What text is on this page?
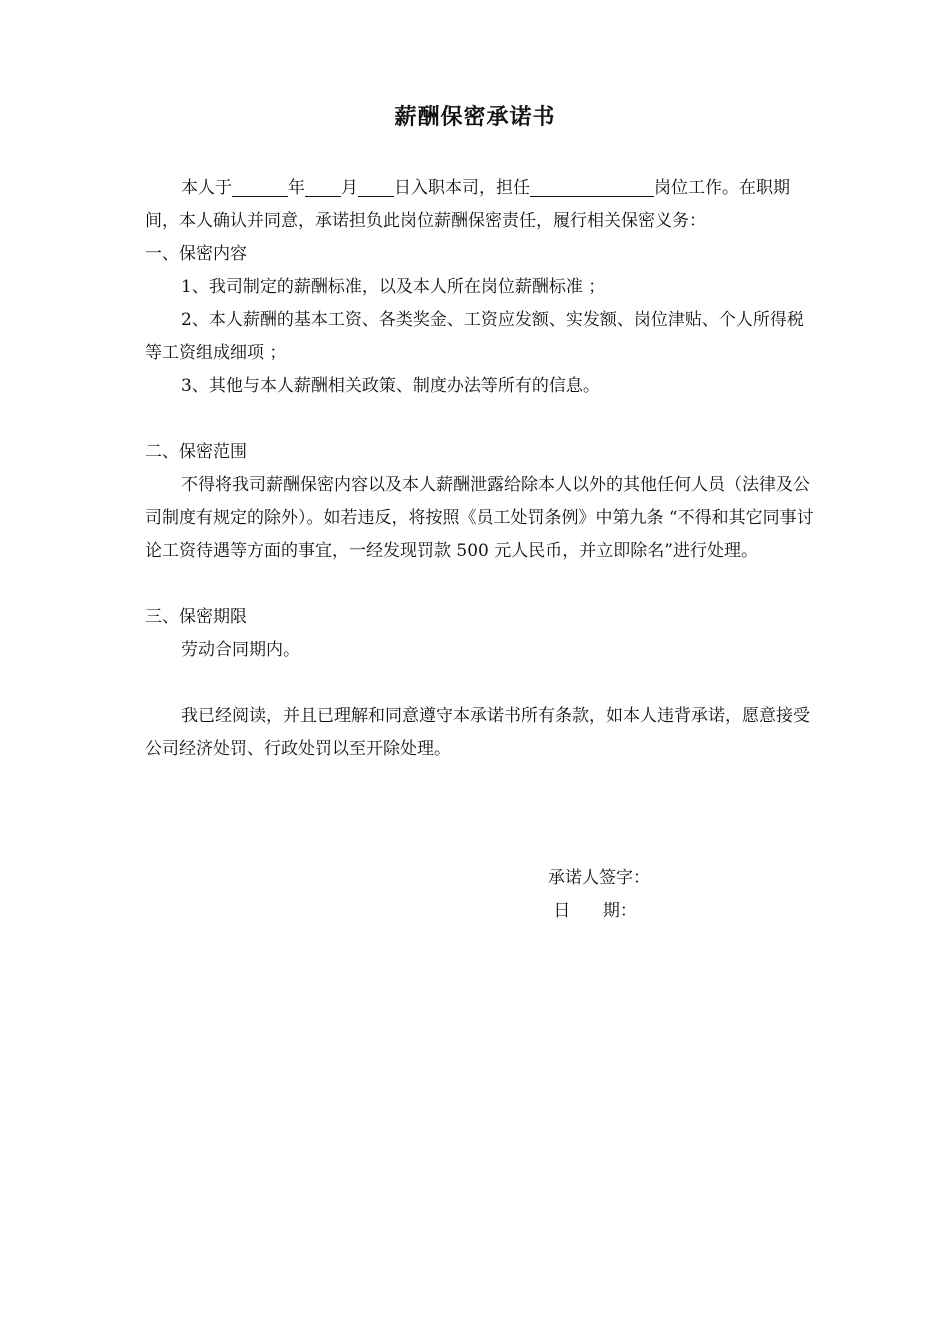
薪酬保密承诺书

本人于	年 月 日入职本司，担任	岗位工作。在职期间，本人确认并同意，承诺担负此岗位薪酬保密责任，履行相关保密义务：

一、保密内容

1、我司制定的薪酬标准，以及本人所在岗位薪酬标准 ；

2、本人薪酬的基本工资、各类奖金、工资应发额、实发额、岗位津贴、个人所得税等工资组成细项 ；

3、其他与本人薪酬相关政策、制度办法等所有的信息。

二、保密范围

不得将我司薪酬保密内容以及本人薪酬泄露给除本人以外的其他任何人员（法律及公司制度有规定的除外）。如若违反，将按照《员工处罚条例》中第九条 “不得和其它同事讨论工资待遇等方面的事宜，一经发现罚款 500 元人民币，并立即除名”进行处理。

三、保密期限

劳动合同期内。

我已经阅读，并且已理解和同意遵守本承诺书所有条款，如本人违背承诺，愿意接受公司经济处罚、行政处罚以至开除处理。

承诺人签字：
日      期：
